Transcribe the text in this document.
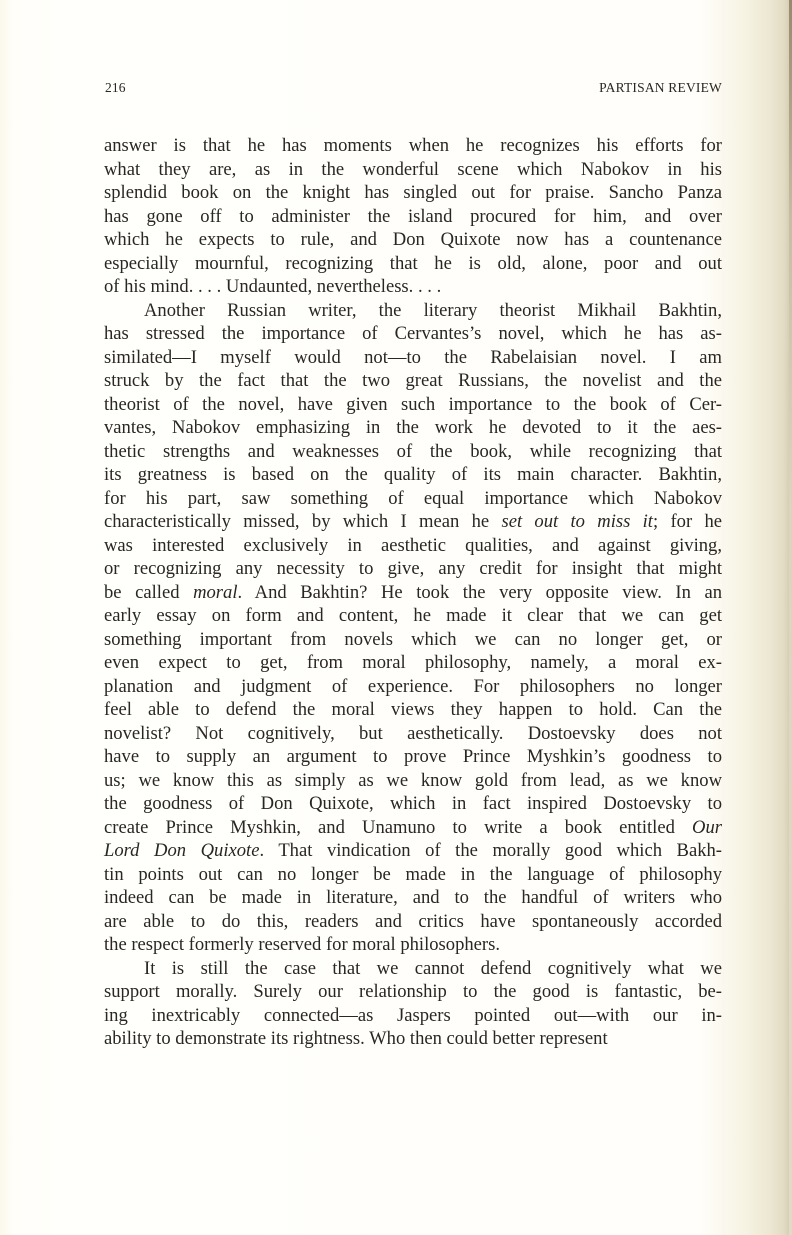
216	PARTISAN REVIEW
answer is that he has moments when he recognizes his efforts for
what they are, as in the wonderful scene which Nabokov in his
splendid book on the knight has singled out for praise. Sancho Panza
has gone off to administer the island procured for him, and over
which he expects to rule, and Don Quixote now has a countenance
especially mournful, recognizing that he is old, alone, poor and out
of his mind. . . . Undaunted, nevertheless. . . .
Another Russian writer, the literary theorist Mikhail Bakhtin,
has stressed the importance of Cervantes’s novel, which he has as-
similated—I myself would not—to the Rabelaisian novel. I am
struck by the fact that the two great Russians, the novelist and the
theorist of the novel, have given such importance to the book of Cer-
vantes, Nabokov emphasizing in the work he devoted to it the aes-
thetic strengths and weaknesses of the book, while recognizing that
its greatness is based on the quality of its main character. Bakhtin,
for his part, saw something of equal importance which Nabokov
characteristically missed, by which I mean he set out to miss it; for he
was interested exclusively in aesthetic qualities, and against giving,
or recognizing any necessity to give, any credit for insight that might
be called moral. And Bakhtin? He took the very opposite view. In an
early essay on form and content, he made it clear that we can get
something important from novels which we can no longer get, or
even expect to get, from moral philosophy, namely, a moral ex-
planation and judgment of experience. For philosophers no longer
feel able to defend the moral views they happen to hold. Can the
novelist? Not cognitively, but aesthetically. Dostoevsky does not
have to supply an argument to prove Prince Myshkin’s goodness to
us; we know this as simply as we know gold from lead, as we know
the goodness of Don Quixote, which in fact inspired Dostoevsky to
create Prince Myshkin, and Unamuno to write a book entitled Our
Lord Don Quixote. That vindication of the morally good which Bakh-
tin points out can no longer be made in the language of philosophy
indeed can be made in literature, and to the handful of writers who
are able to do this, readers and critics have spontaneously accorded
the respect formerly reserved for moral philosophers.
It is still the case that we cannot defend cognitively what we
support morally. Surely our relationship to the good is fantastic, be-
ing inextricably connected—as Jaspers pointed out—with our in-
ability to demonstrate its rightness. Who then could better represent
